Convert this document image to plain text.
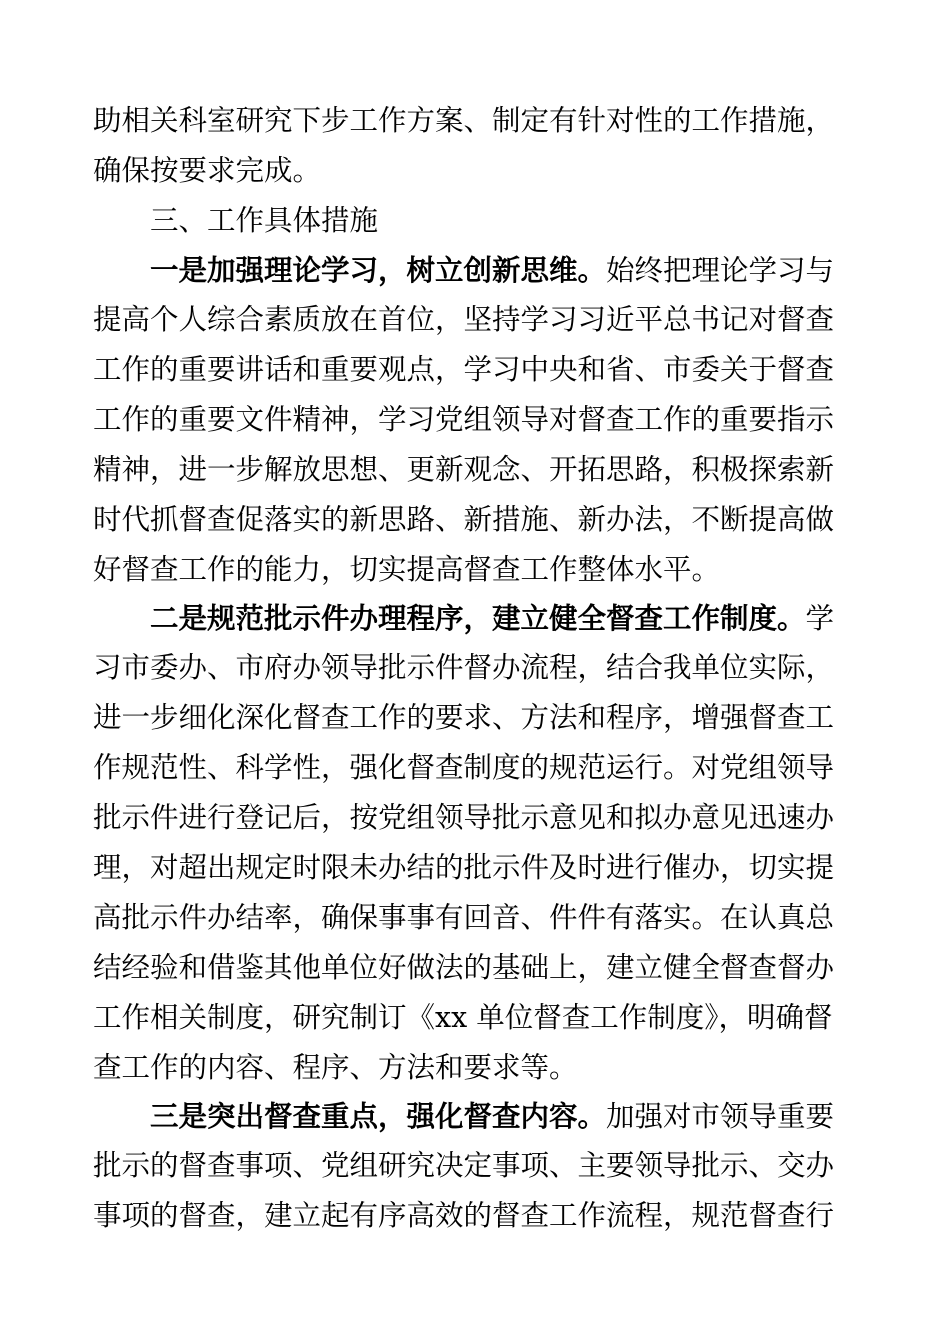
助相关科室研究下步工作方案、制定有针对性的工作措施，
确保按要求完成。
三、工作具体措施
一是加强理论学习，树立创新思维。始终把理论学习与
提高个人综合素质放在首位，坚持学习习近平总书记对督查
工作的重要讲话和重要观点，学习中央和省、市委关于督查
工作的重要文件精神，学习党组领导对督查工作的重要指示
精神，进一步解放思想、更新观念、开拓思路，积极探索新
时代抓督查促落实的新思路、新措施、新办法，不断提高做
好督查工作的能力，切实提高督查工作整体水平。
二是规范批示件办理程序，建立健全督查工作制度。学
习市委办、市府办领导批示件督办流程，结合我单位实际，
进一步细化深化督查工作的要求、方法和程序，增强督查工
作规范性、科学性，强化督查制度的规范运行。对党组领导
批示件进行登记后，按党组领导批示意见和拟办意见迅速办
理，对超出规定时限未办结的批示件及时进行催办，切实提
高批示件办结率，确保事事有回音、件件有落实。在认真总
结经验和借鉴其他单位好做法的基础上，建立健全督查督办
工作相关制度，研究制订《xx 单位督查工作制度》，明确督
查工作的内容、程序、方法和要求等。
三是突出督查重点，强化督查内容。加强对市领导重要
批示的督查事项、党组研究决定事项、主要领导批示、交办
事项的督查，建立起有序高效的督查工作流程，规范督查行
